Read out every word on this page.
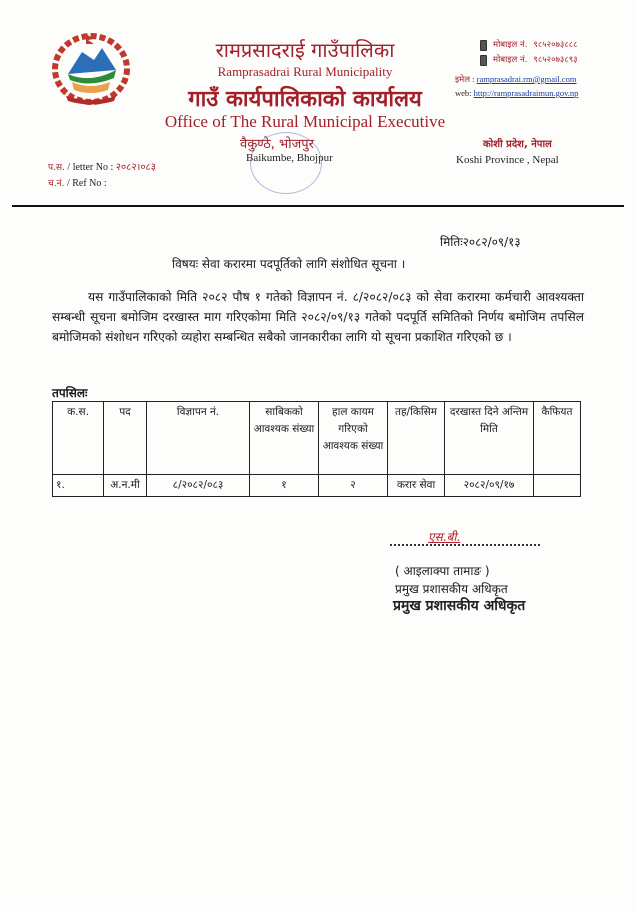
रामप्रसादराई गाउँपालिका
Ramprasadrai Rural Municipality
गाउँ कार्यपालिकाको कार्यालय
Office of The Rural Municipal Executive
वैकुण्ठे, भोजपुर
Baikumbe, Bhojpur
मोबाइल नं. ९८५२०७३८८८
मोबाइल नं. ९८५२०७३८९३
इमेल : ramprasadrai.rm@gmail.com
web: http://ramprasadraimun.gov.np
कोशी प्रदेश, नेपाल
Koshi Province , Nepal
प.स. / letter No : २०८२।०८३
च.नं. / Ref No :
मितिः२०८२/०९/१३
विषयः सेवा करारमा पदपूर्तिको लागि संशोधित सूचना ।
यस गाउँपालिकाको मिति २०८२ पौष १ गतेको विज्ञापन नं. ८/२०८२/०८३ को सेवा करारमा कर्मचारी आवश्यक्ता सम्बन्धी सूचना बमोजिम दरखास्त माग गरिएकोमा मिति २०८२/०९/१३ गतेको पदपूर्ति समितिको निर्णय बमोजिम तपसिल बमोजिमको संशोधन गरिएको व्यहोरा सम्बन्धित सबैको जानकारीका लागि यो सूचना प्रकाशित गरिएको छ ।
तपसिलः
क.स.	पद	विज्ञापन नं.	साबिकको आवश्यक संख्या	हाल कायम गरिएको आवश्यक संख्या	तह/किसिम	दरखास्त दिने अन्तिम मिति	कैफियत
१.	अ.न.मी	८/२०८२/०८३	१	२	करार सेवा	२०८२/०९/१७	
एस.बी.
( आइलाक्पा तामाङ )
प्रमुख प्रशासकीय अधिकृत
प्रमुख प्रशासकीय अधिकृत
